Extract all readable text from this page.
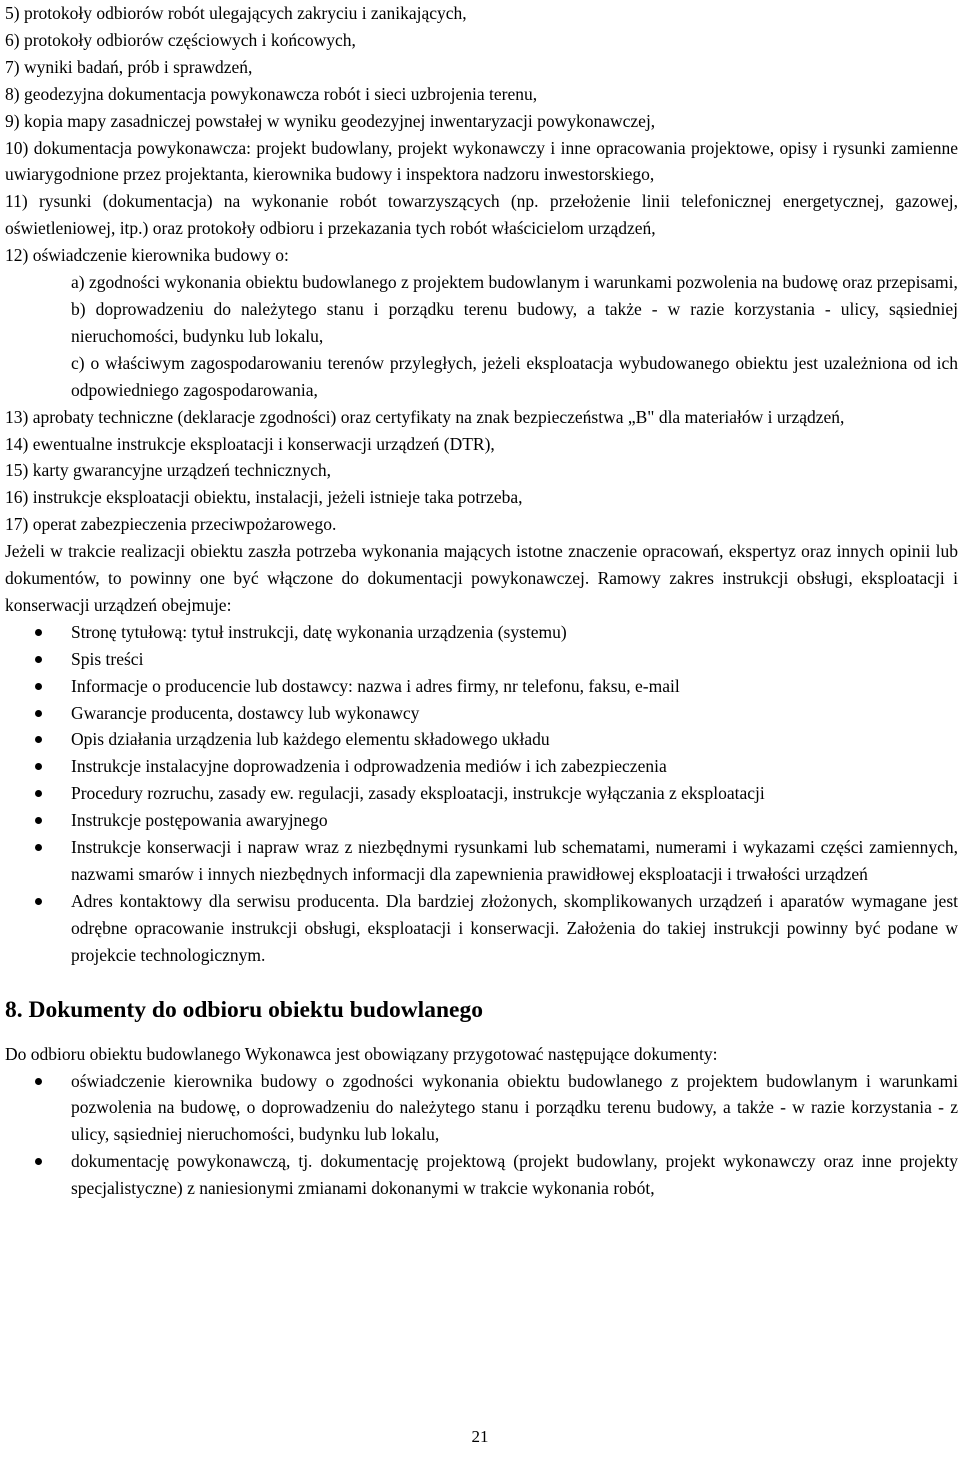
5) protokoły odbiorów robót ulegających zakryciu i zanikających,

6) protokoły odbiorów częściowych i końcowych,

7) wyniki badań, prób i sprawdzeń,

8) geodezyjna dokumentacja powykonawcza robót i sieci uzbrojenia terenu,

9) kopia mapy zasadniczej powstałej w wyniku geodezyjnej inwentaryzacji powykonawczej,

10) dokumentacja powykonawcza: projekt budowlany, projekt wykonawczy i inne opracowania projektowe, opisy i rysunki zamienne uwiarygodnione przez projektanta, kierownika budowy i inspektora nadzoru inwestorskiego,

11) rysunki (dokumentacja) na wykonanie robót towarzyszących (np. przełożenie linii telefonicznej energetycznej, gazowej, oświetleniowej, itp.) oraz protokoły odbioru i przekazania tych robót właścicielom urządzeń,

12) oświadczenie kierownika budowy o:

a) zgodności wykonania obiektu budowlanego z projektem budowlanym i warunkami pozwolenia na budowę oraz przepisami,

b) doprowadzeniu do należytego stanu i porządku terenu budowy, a także - w razie korzystania - ulicy, sąsiedniej nieruchomości, budynku lub lokalu,

c) o właściwym zagospodarowaniu terenów przyległych, jeżeli eksploatacja wybudowanego obiektu jest uzależniona od ich odpowiedniego zagospodarowania,

13) aprobaty techniczne (deklaracje zgodności) oraz certyfikaty na znak bezpieczeństwa „B" dla materiałów i urządzeń,

14) ewentualne instrukcje eksploatacji i konserwacji urządzeń (DTR),

15) karty gwarancyjne urządzeń technicznych,

16) instrukcje eksploatacji obiektu, instalacji, jeżeli istnieje taka potrzeba,

17) operat zabezpieczenia przeciwpożarowego.

Jeżeli w trakcie realizacji obiektu zaszła potrzeba wykonania mających istotne znaczenie opracowań, ekspertyz oraz innych opinii lub dokumentów, to powinny one być włączone do dokumentacji powykonawczej. Ramowy zakres instrukcji obsługi, eksploatacji i konserwacji urządzeń obejmuje:

Stronę tytułową: tytuł instrukcji, datę wykonania urządzenia (systemu)
Spis treści
Informacje o producencie lub dostawcy: nazwa i adres firmy, nr telefonu, faksu, e-mail
Gwarancje producenta, dostawcy lub wykonawcy
Opis działania urządzenia lub każdego elementu składowego układu
Instrukcje instalacyjne doprowadzenia i odprowadzenia mediów i ich zabezpieczenia
Procedury rozruchu, zasady ew. regulacji, zasady eksploatacji, instrukcje wyłączania z eksploatacji
Instrukcje postępowania awaryjnego
Instrukcje konserwacji i napraw wraz z niezbędnymi rysunkami lub schematami, numerami i wykazami części zamiennych, nazwami smarów i innych niezbędnych informacji dla zapewnienia prawidłowej eksploatacji i trwałości urządzeń
Adres kontaktowy dla serwisu producenta. Dla bardziej złożonych, skomplikowanych urządzeń i aparatów wymagane jest odrębne opracowanie instrukcji obsługi, eksploatacji i konserwacji. Założenia do takiej instrukcji powinny być podane w projekcie technologicznym.
8. Dokumenty do odbioru obiektu budowlanego

Do odbioru obiektu budowlanego Wykonawca jest obowiązany przygotować następujące dokumenty:

oświadczenie kierownika budowy o zgodności wykonania obiektu budowlanego z projektem budowlanym i warunkami pozwolenia na budowę, o doprowadzeniu do należytego stanu i porządku terenu budowy, a także - w razie korzystania - z ulicy, sąsiedniej nieruchomości, budynku lub lokalu,
dokumentację powykonawczą, tj. dokumentację projektową (projekt budowlany, projekt wykonawczy oraz inne projekty specjalistyczne) z naniesionymi zmianami dokonanymi w trakcie wykonania robót,
21
